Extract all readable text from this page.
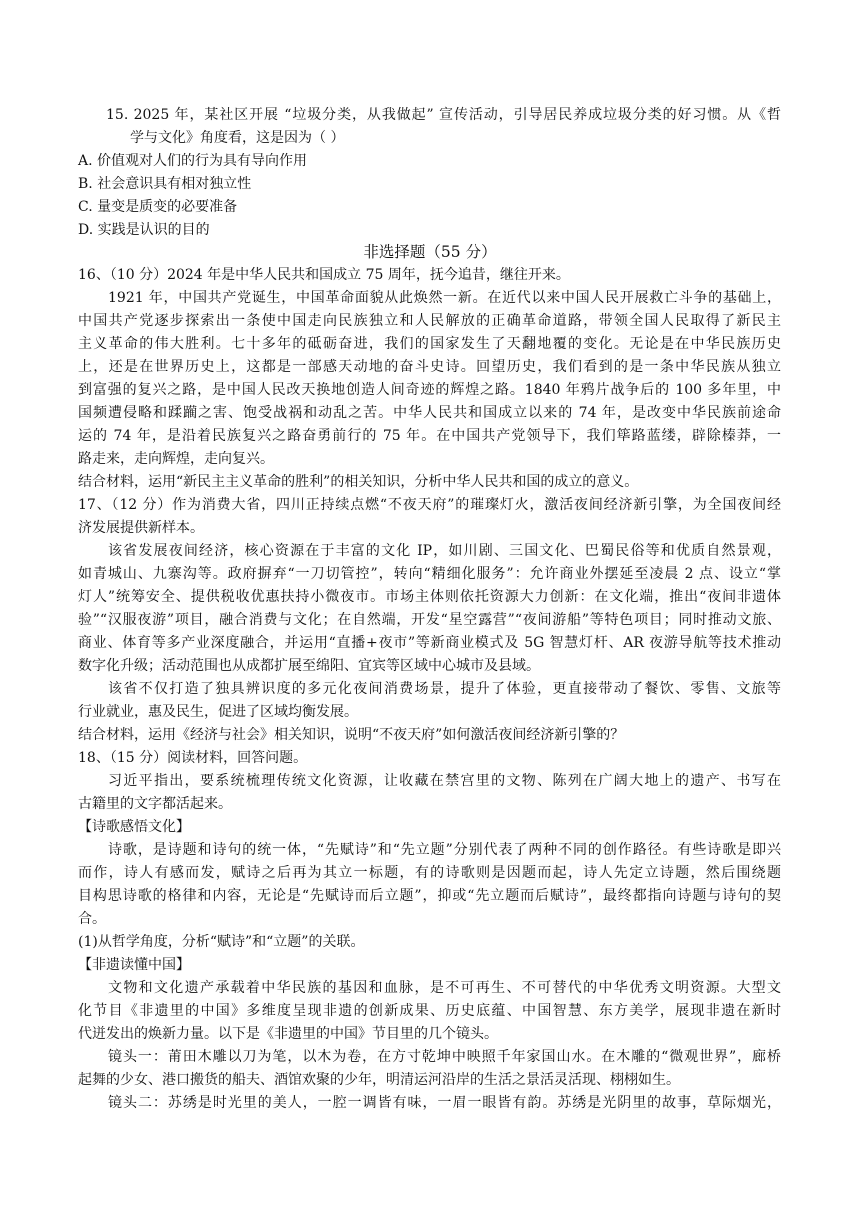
15. 2025 年，某社区开展 “垃圾分类，从我做起” 宣传活动，引导居民养成垃圾分类的好习惯。从《哲
学与文化》角度看，这是因为（ ）
A. 价值观对人们的行为具有导向作用
B. 社会意识具有相对独立性
C. 量变是质变的必要准备
D. 实践是认识的目的
非选择题（55 分）
16、（10 分）2024 年是中华人民共和国成立 75 周年，抚今追昔，继往开来。
1921 年，中国共产党诞生，中国革命面貌从此焕然一新。在近代以来中国人民开展救亡斗争的基础上，
中国共产党逐步探索出一条使中国走向民族独立和人民解放的正确革命道路，带领全国人民取得了新民主
主义革命的伟大胜利。七十多年的砥砺奋进，我们的国家发生了天翻地覆的变化。无论是在中华民族历史
上，还是在世界历史上，这都是一部感天动地的奋斗史诗。回望历史，我们看到的是一条中华民族从独立
到富强的复兴之路，是中国人民改天换地创造人间奇迹的辉煌之路。1840 年鸦片战争后的 100 多年里，中
国频遭侵略和蹂躏之害、饱受战祸和动乱之苦。中华人民共和国成立以来的 74 年，是改变中华民族前途命
运的 74 年，是沿着民族复兴之路奋勇前行的 75 年。在中国共产党领导下，我们筚路蓝缕，辟除榛莽，一
路走来，走向辉煌，走向复兴。
结合材料，运用“新民主主义革命的胜利”的相关知识，分析中华人民共和国的成立的意义。
17、（12 分）作为消费大省，四川正持续点燃“不夜天府”的璀璨灯火，激活夜间经济新引擎，为全国夜间经
济发展提供新样本。
该省发展夜间经济，核心资源在于丰富的文化 IP，如川剧、三国文化、巴蜀民俗等和优质自然景观，
如青城山、九寨沟等。政府摒弃“一刀切管控”，转向“精细化服务”：允许商业外摆延至凌晨 2 点、设立“掌
灯人”统筹安全、提供税收优惠扶持小微夜市。市场主体则依托资源大力创新：在文化端，推出“夜间非遗体
验”“汉服夜游”项目，融合消费与文化；在自然端，开发“星空露营”“夜间游船”等特色项目；同时推动文旅、
商业、体育等多产业深度融合，并运用“直播+夜市”等新商业模式及 5G 智慧灯杆、AR 夜游导航等技术推动
数字化升级；活动范围也从成都扩展至绵阳、宜宾等区域中心城市及县域。
该省不仅打造了独具辨识度的多元化夜间消费场景，提升了体验，更直接带动了餐饮、零售、文旅等
行业就业，惠及民生，促进了区域均衡发展。
结合材料，运用《经济与社会》相关知识，说明“不夜天府”如何激活夜间经济新引擎的？
18、（15 分）阅读材料，回答问题。
习近平指出，要系统梳理传统文化资源，让收藏在禁宫里的文物、陈列在广阔大地上的遗产、书写在
古籍里的文字都活起来。
【诗歌感悟文化】
诗歌，是诗题和诗句的统一体，“先赋诗”和“先立题”分别代表了两种不同的创作路径。有些诗歌是即兴
而作，诗人有感而发，赋诗之后再为其立一标题，有的诗歌则是因题而起，诗人先定立诗题，然后围绕题
目构思诗歌的格律和内容，无论是“先赋诗而后立题”，抑或“先立题而后赋诗”，最终都指向诗题与诗句的契
合。
(1)从哲学角度，分析“赋诗”和“立题”的关联。
【非遗读懂中国】
文物和文化遗产承载着中华民族的基因和血脉，是不可再生、不可替代的中华优秀文明资源。大型文
化节目《非遗里的中国》多维度呈现非遗的创新成果、历史底蕴、中国智慧、东方美学，展现非遗在新时
代迸发出的焕新力量。以下是《非遗里的中国》节目里的几个镜头。
镜头一：莆田木雕以刀为笔，以木为卷，在方寸乾坤中映照千年家国山水。在木雕的“微观世界”，廊桥
起舞的少女、港口搬货的船夫、酒馆欢聚的少年，明清运河沿岸的生活之景活灵活现、栩栩如生。
镜头二：苏绣是时光里的美人，一腔一调皆有味，一眉一眼皆有韵。苏绣是光阴里的故事，草际烟光，
